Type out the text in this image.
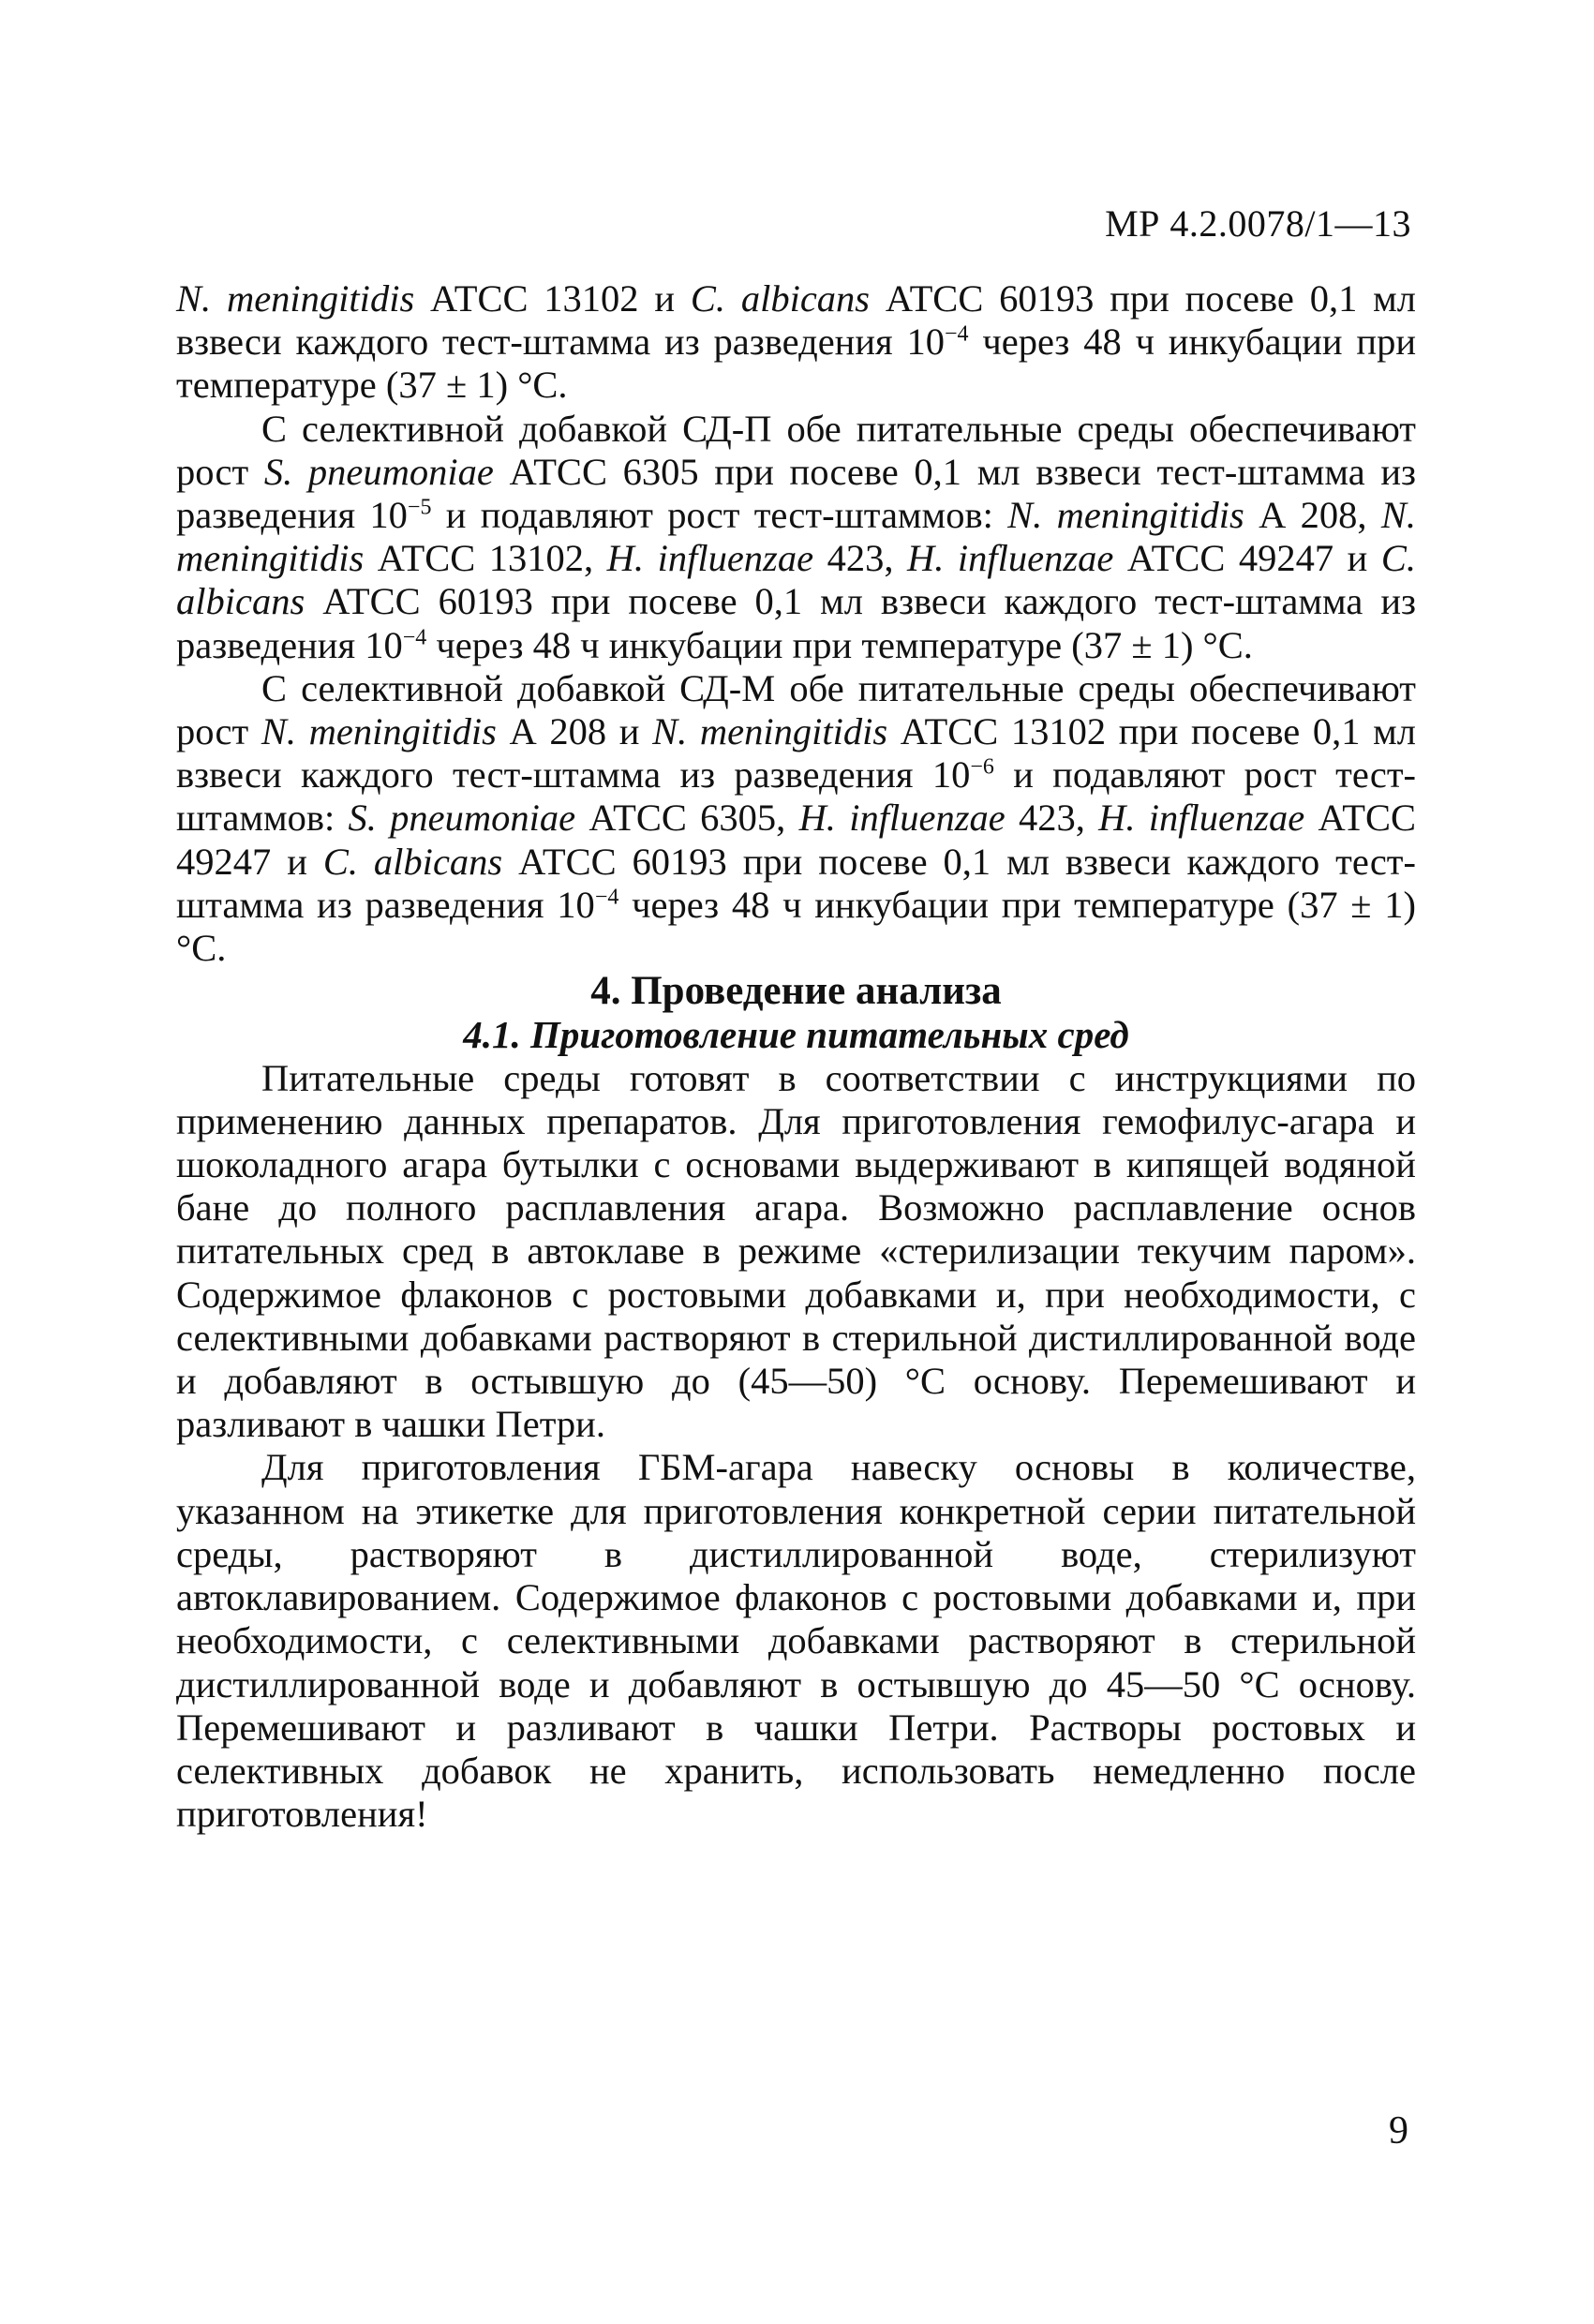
МР 4.2.0078/1—13

N. meningitidis АТСС 13102 и C. albicans АТСС 60193 при посеве 0,1 мл взвеси каждого тест-штамма из разведения $10^{-4}$ через 48 ч инкубации при температуре (37 ± 1) °С.

С селективной добавкой СД-П обе питательные среды обеспечивают рост S. pneumoniae АТСС 6305 при посеве 0,1 мл взвеси тест-штамма из разведения $10^{-5}$ и подавляют рост тест-штаммов: N. meningitidis А 208, N. meningitidis АТСС 13102, H. influenzae 423, H. influenzae АТСС 49247 и C. albicans АТСС 60193 при посеве 0,1 мл взвеси каждого тест-штамма из разведения $10^{-4}$ через 48 ч инкубации при температуре (37 ± 1) °С.

С селективной добавкой СД-М обе питательные среды обеспечивают рост N. meningitidis А 208 и N. meningitidis АТСС 13102 при посеве 0,1 мл взвеси каждого тест-штамма из разведения $10^{-6}$ и подавляют рост тест-штаммов: S. pneumoniae АТСС 6305, H. influenzae 423, H. influenzae АТСС 49247 и C. albicans АТСС 60193 при посеве 0,1 мл взвеси каждого тест-штамма из разведения $10^{-4}$ через 48 ч инкубации при температуре (37 ± 1) °С.

4. Проведение анализа

4.1. Приготовление питательных сред

Питательные среды готовят в соответствии с инструкциями по применению данных препаратов. Для приготовления гемофилус-агара и шоколадного агара бутылки с основами выдерживают в кипящей водяной бане до полного расплавления агара. Возможно расплавление основ питательных сред в автоклаве в режиме «стерилизации текучим паром». Содержимое флаконов с ростовыми добавками и, при необходимости, с селективными добавками растворяют в стерильной дистиллированной воде и добавляют в остывшую до (45—50) °С основу. Перемешивают и разливают в чашки Петри.

Для приготовления ГБМ-агара навеску основы в количестве, указанном на этикетке для приготовления конкретной серии питательной среды, растворяют в дистиллированной воде, стерилизуют автоклавированием. Содержимое флаконов с ростовыми добавками и, при необходимости, с селективными добавками растворяют в стерильной дистиллированной воде и добавляют в остывшую до 45—50 °С основу. Перемешивают и разливают в чашки Петри. Растворы ростовых и селективных добавок не хранить, использовать немедленно после приготовления!

9
